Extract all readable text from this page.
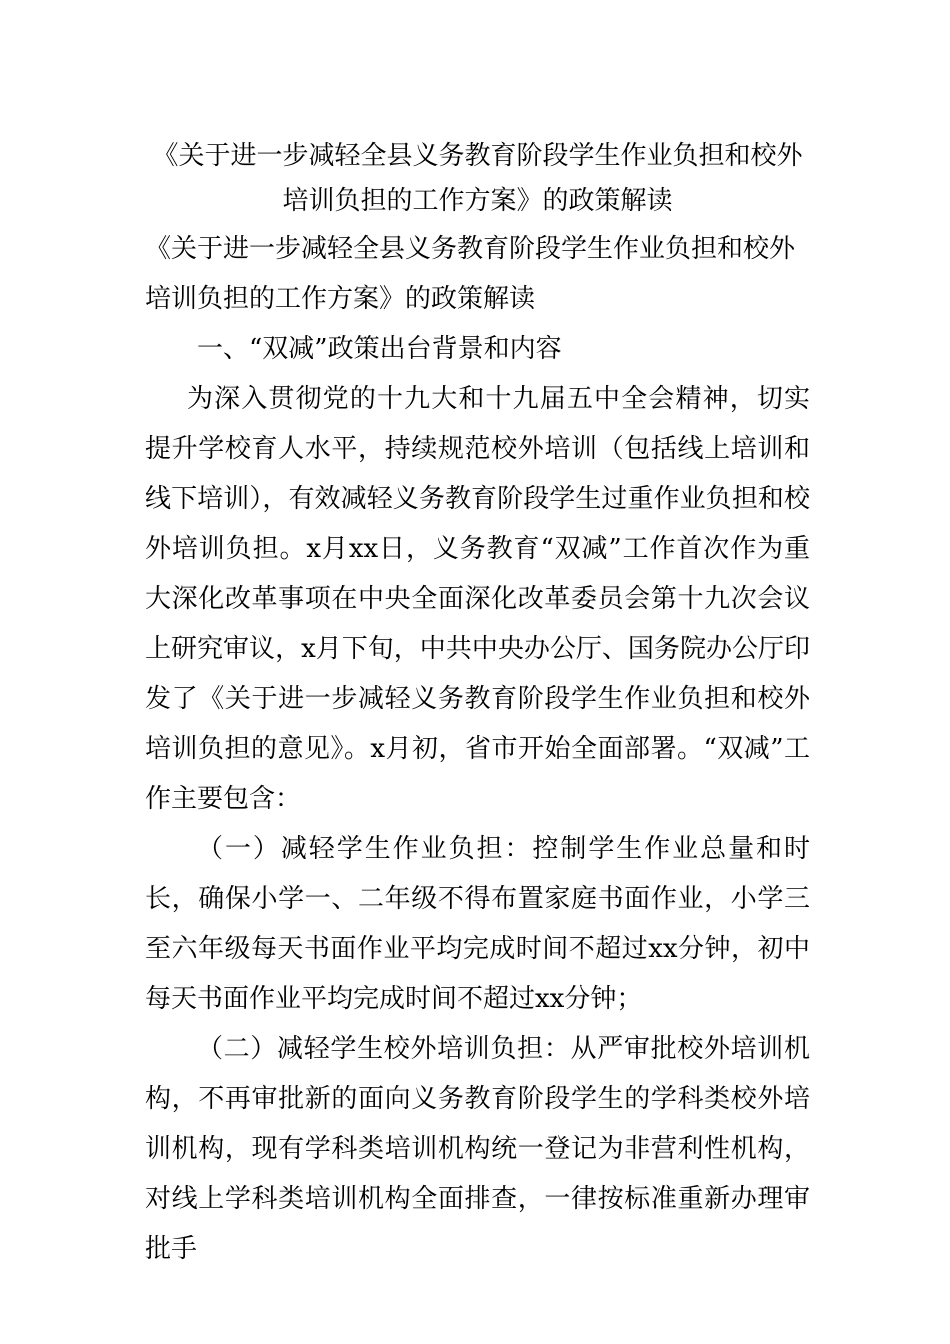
《关于进一步减轻全县义务教育阶段学生作业负担和校外
培训负担的工作方案》的政策解读
《关于进一步减轻全县义务教育阶段学生作业负担和校外
培训负担的工作方案》的政策解读

一、“双减”政策出台背景和内容

为深入贯彻党的十九大和十九届五中全会精神，切实提升学校育人水平，持续规范校外培训（包括线上培训和线下培训），有效减轻义务教育阶段学生过重作业负担和校外培训负担。x月xx日，义务教育“双减”工作首次作为重大深化改革事项在中央全面深化改革委员会第十九次会议上研究审议，x月下旬，中共中央办公厅、国务院办公厅印发了《关于进一步减轻义务教育阶段学生作业负担和校外培训负担的意见》。x月初，省市开始全面部署。“双减”工作主要包含：

（一）减轻学生作业负担：控制学生作业总量和时长，确保小学一、二年级不得布置家庭书面作业，小学三至六年级每天书面作业平均完成时间不超过xx分钟，初中每天书面作业平均完成时间不超过xx分钟；

（二）减轻学生校外培训负担：从严审批校外培训机构，不再审批新的面向义务教育阶段学生的学科类校外培训机构，现有学科类培训机构统一登记为非营利性机构，对线上学科类培训机构全面排查，一律按标准重新办理审批手
